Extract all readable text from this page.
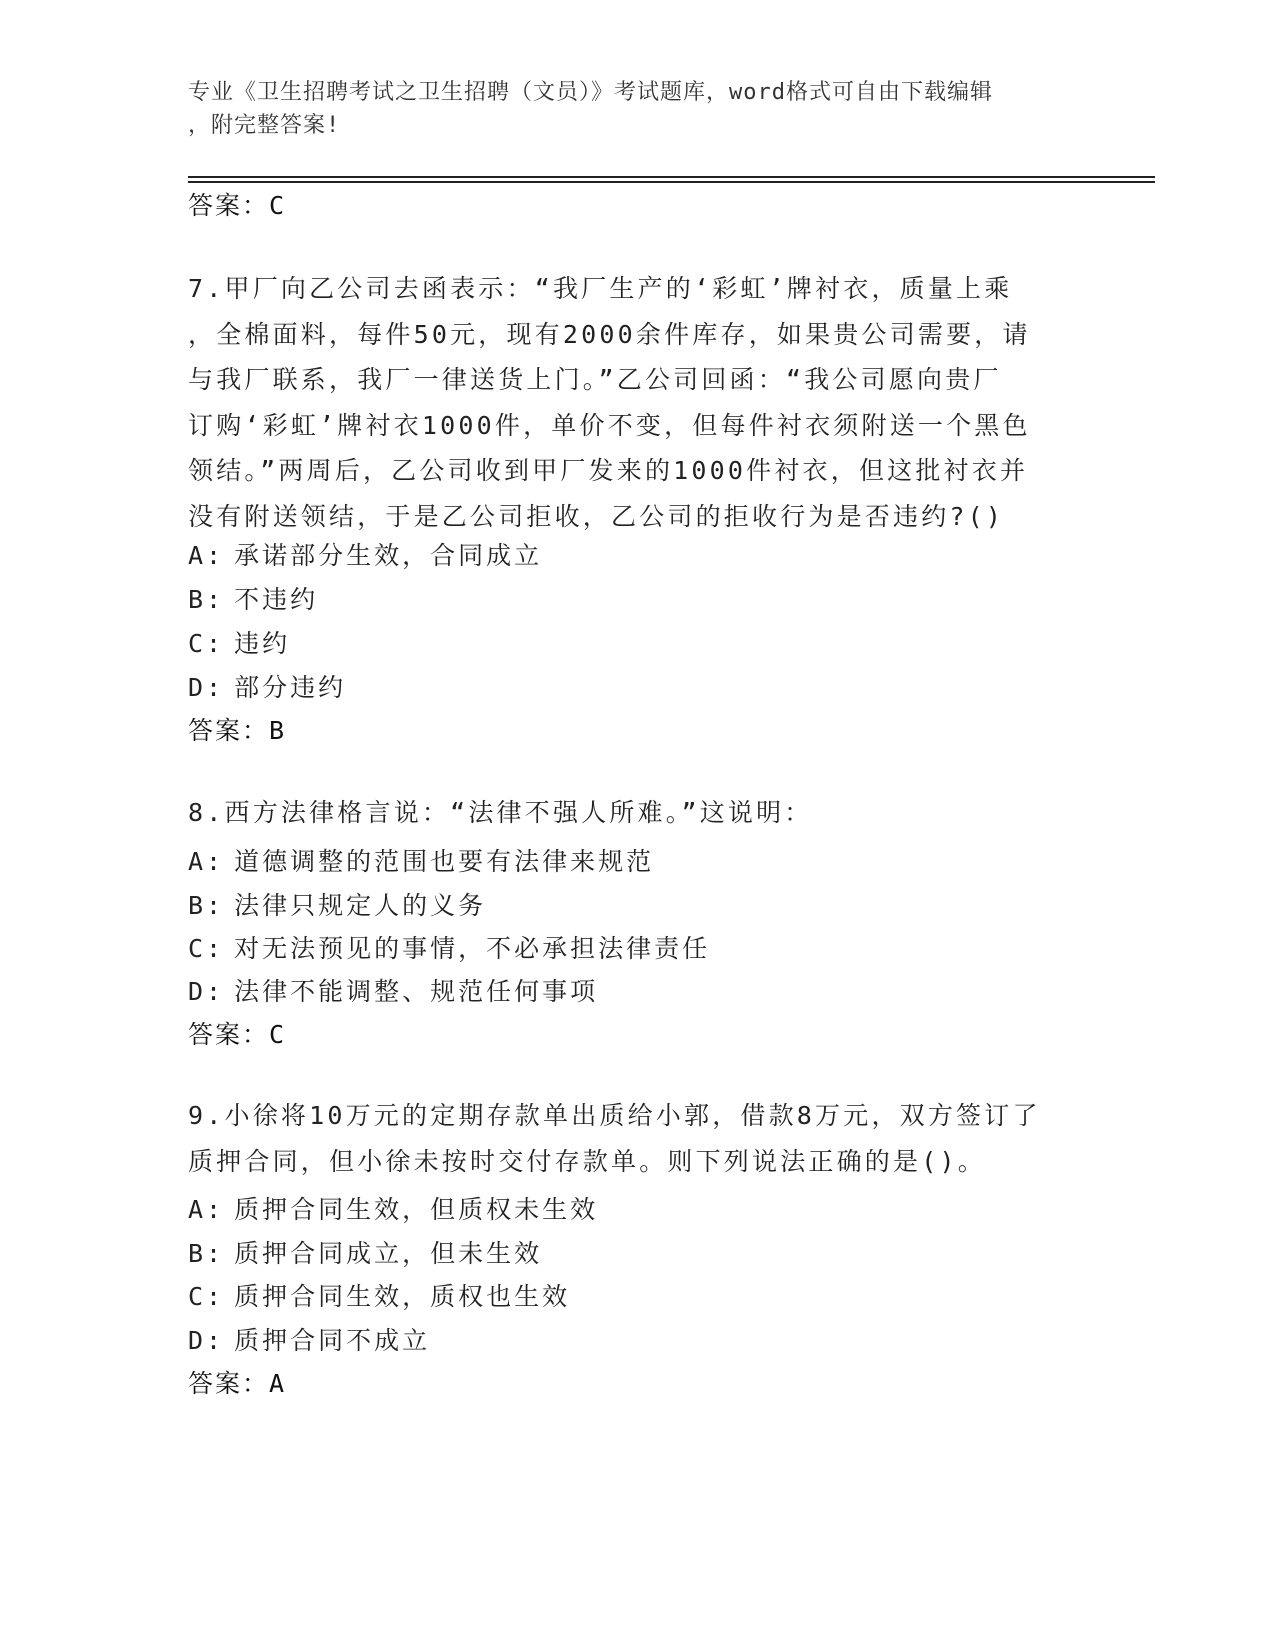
专业《卫生招聘考试之卫生招聘（文员）》考试题库，word格式可自由下载编辑
，附完整答案!
答案：C
7.甲厂向乙公司去函表示：“我厂生产的‘彩虹’牌衬衣，质量上乘
，全棉面料，每件50元，现有2000余件库存，如果贵公司需要，请
与我厂联系，我厂一律送货上门。”乙公司回函：“我公司愿向贵厂
订购‘彩虹’牌衬衣1000件，单价不变，但每件衬衣须附送一个黑色
领结。”两周后，乙公司收到甲厂发来的1000件衬衣，但这批衬衣并
没有附送领结，于是乙公司拒收，乙公司的拒收行为是否违约?()
A: 承诺部分生效，合同成立
B: 不违约
C: 违约
D: 部分违约
答案：B
8.西方法律格言说：“法律不强人所难。”这说明：
A: 道德调整的范围也要有法律来规范
B: 法律只规定人的义务
C: 对无法预见的事情，不必承担法律责任
D: 法律不能调整、规范任何事项
答案：C
9.小徐将10万元的定期存款单出质给小郭，借款8万元，双方签订了
质押合同，但小徐未按时交付存款单。则下列说法正确的是()。
A: 质押合同生效，但质权未生效
B: 质押合同成立，但未生效
C: 质押合同生效，质权也生效
D: 质押合同不成立
答案：A
